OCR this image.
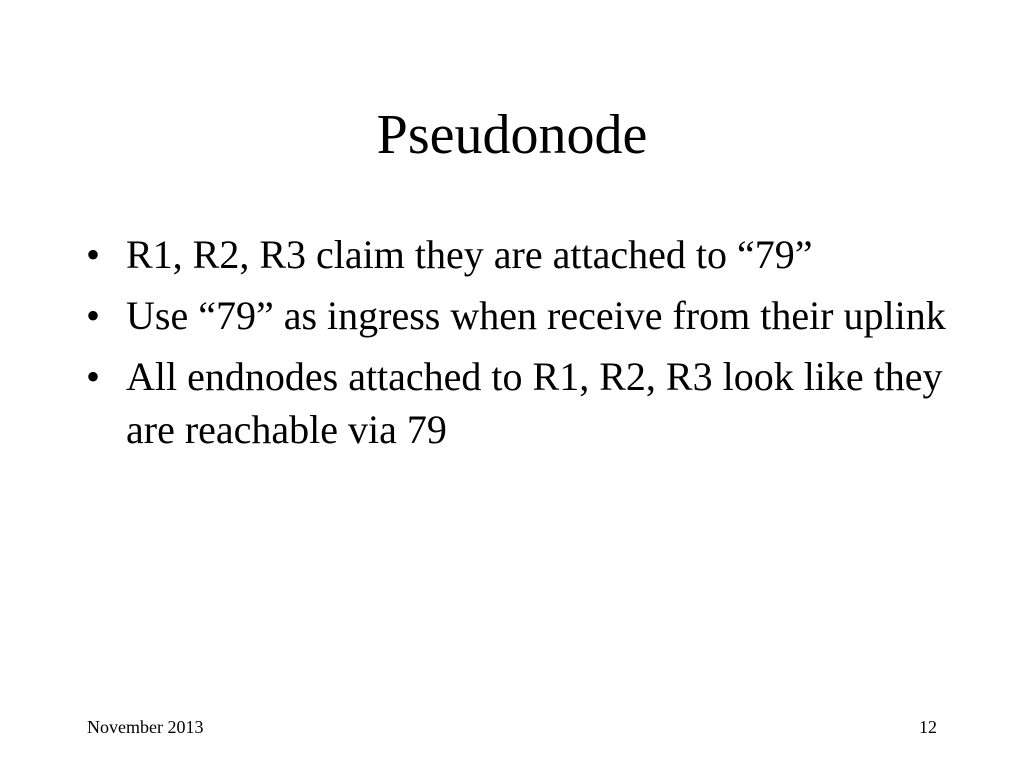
Pseudonode
• R1, R2, R3 claim they are attached to “79”
• Use “79” as ingress when receive from their uplink
• All endnodes attached to R1, R2, R3 look like they are reachable via 79
November 2013	12
